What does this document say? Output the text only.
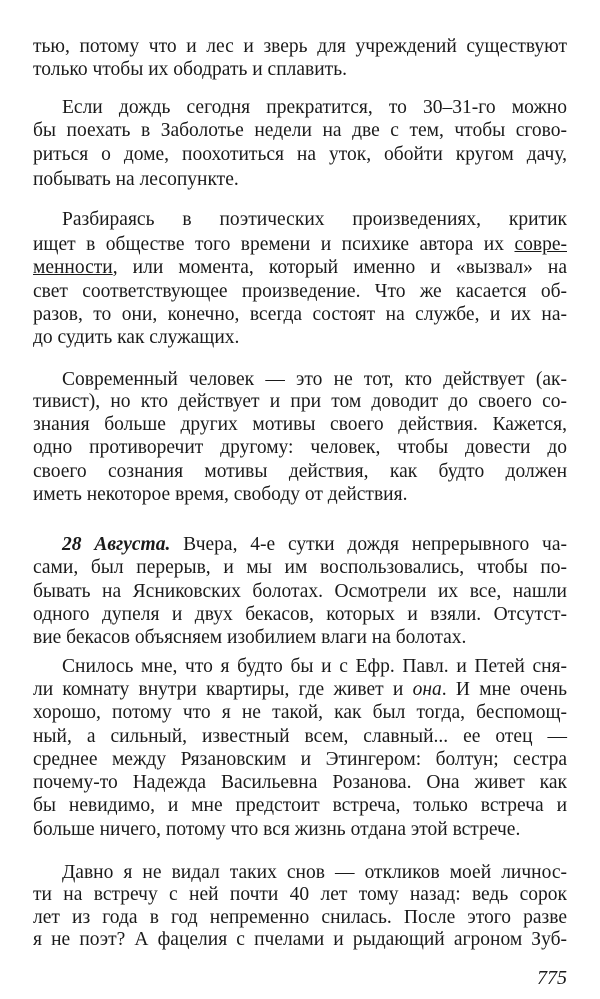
тью, потому что и лес и зверь для учреждений существуют
только чтобы их ободрать и сплавить.
Если дождь сегодня прекратится, то 30–31-го можно
бы поехать в Заболотье недели на две с тем, чтобы сгово-
риться о доме, поохотиться на уток, обойти кругом дачу,
побывать на лесопункте.
Разбираясь в поэтических произведениях, критик
ищет в обществе того времени и психике автора их совре-
менности, или момента, который именно и «вызвал» на
свет соответствующее произведение. Что же касается об-
разов, то они, конечно, всегда состоят на службе, и их на-
до судить как служащих.
Современный человек — это не тот, кто действует (ак-
тивист), но кто действует и при том доводит до своего со-
знания больше других мотивы своего действия. Кажется,
одно противоречит другому: человек, чтобы довести до
своего сознания мотивы действия, как будто должен
иметь некоторое время, свободу от действия.
28 Августа. Вчера, 4-е сутки дождя непрерывного ча-
сами, был перерыв, и мы им воспользовались, чтобы по-
бывать на Ясниковских болотах. Осмотрели их все, нашли
одного дупеля и двух бекасов, которых и взяли. Отсутст-
вие бекасов объясняем изобилием влаги на болотах.
Снилось мне, что я будто бы и с Ефр. Павл. и Петей сня-
ли комнату внутри квартиры, где живет и она. И мне очень
хорошо, потому что я не такой, как был тогда, беспомощ-
ный, а сильный, известный всем, славный... ее отец —
среднее между Рязановским и Этингером: болтун; сестра
почему-то Надежда Васильевна Розанова. Она живет как
бы невидимо, и мне предстоит встреча, только встреча и
больше ничего, потому что вся жизнь отдана этой встрече.
Давно я не видал таких снов — откликов моей личнос-
ти на встречу с ней почти 40 лет тому назад: ведь сорок
лет из года в год непременно снилась. После этого разве
я не поэт? А фацелия с пчелами и рыдающий агроном Зуб-
775
